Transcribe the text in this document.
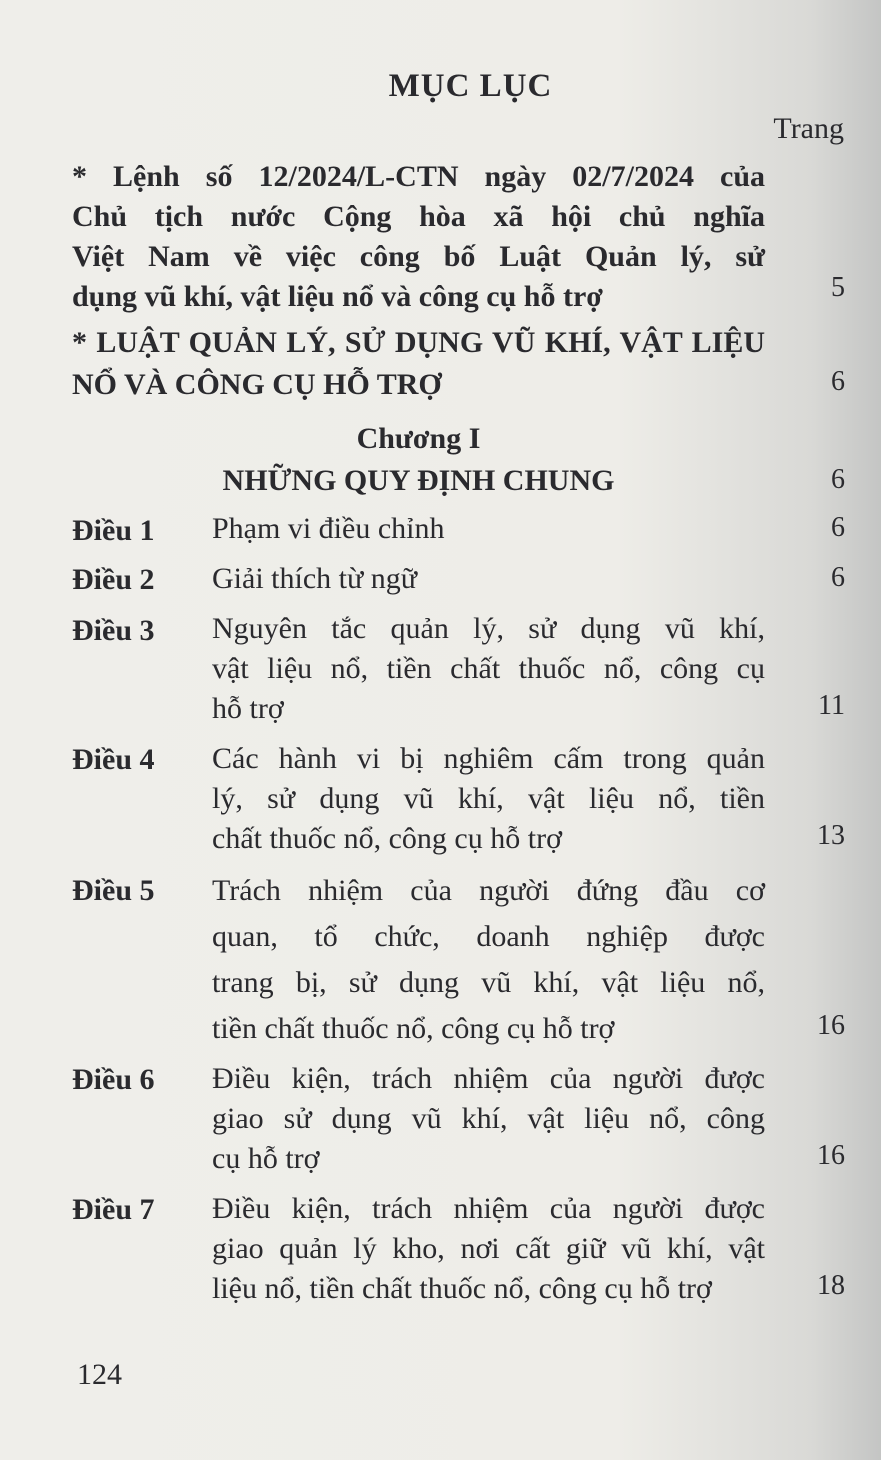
MỤC LỤC
Trang
* Lệnh số 12/2024/L-CTN ngày 02/7/2024 của
Chủ tịch nước Cộng hòa xã hội chủ nghĩa
Việt Nam về việc công bố Luật Quản lý, sử
dụng vũ khí, vật liệu nổ và công cụ hỗ trợ	5
* LUẬT QUẢN LÝ, SỬ DỤNG VŨ KHÍ, VẬT LIỆU
NỔ VÀ CÔNG CỤ HỖ TRỢ	6
Chương I
NHỮNG QUY ĐỊNH CHUNG	6
Điều 1 Phạm vi điều chỉnh	6
Điều 2 Giải thích từ ngữ	6
Điều 3 Nguyên tắc quản lý, sử dụng vũ khí,
vật liệu nổ, tiền chất thuốc nổ, công cụ
hỗ trợ	11
Điều 4 Các hành vi bị nghiêm cấm trong quản
lý, sử dụng vũ khí, vật liệu nổ, tiền
chất thuốc nổ, công cụ hỗ trợ	13
Điều 5 Trách nhiệm của người đứng đầu cơ
quan, tổ chức, doanh nghiệp được
trang bị, sử dụng vũ khí, vật liệu nổ,
tiền chất thuốc nổ, công cụ hỗ trợ	16
Điều 6 Điều kiện, trách nhiệm của người được
giao sử dụng vũ khí, vật liệu nổ, công
cụ hỗ trợ	16
Điều 7 Điều kiện, trách nhiệm của người được
giao quản lý kho, nơi cất giữ vũ khí, vật
liệu nổ, tiền chất thuốc nổ, công cụ hỗ trợ	18
124
